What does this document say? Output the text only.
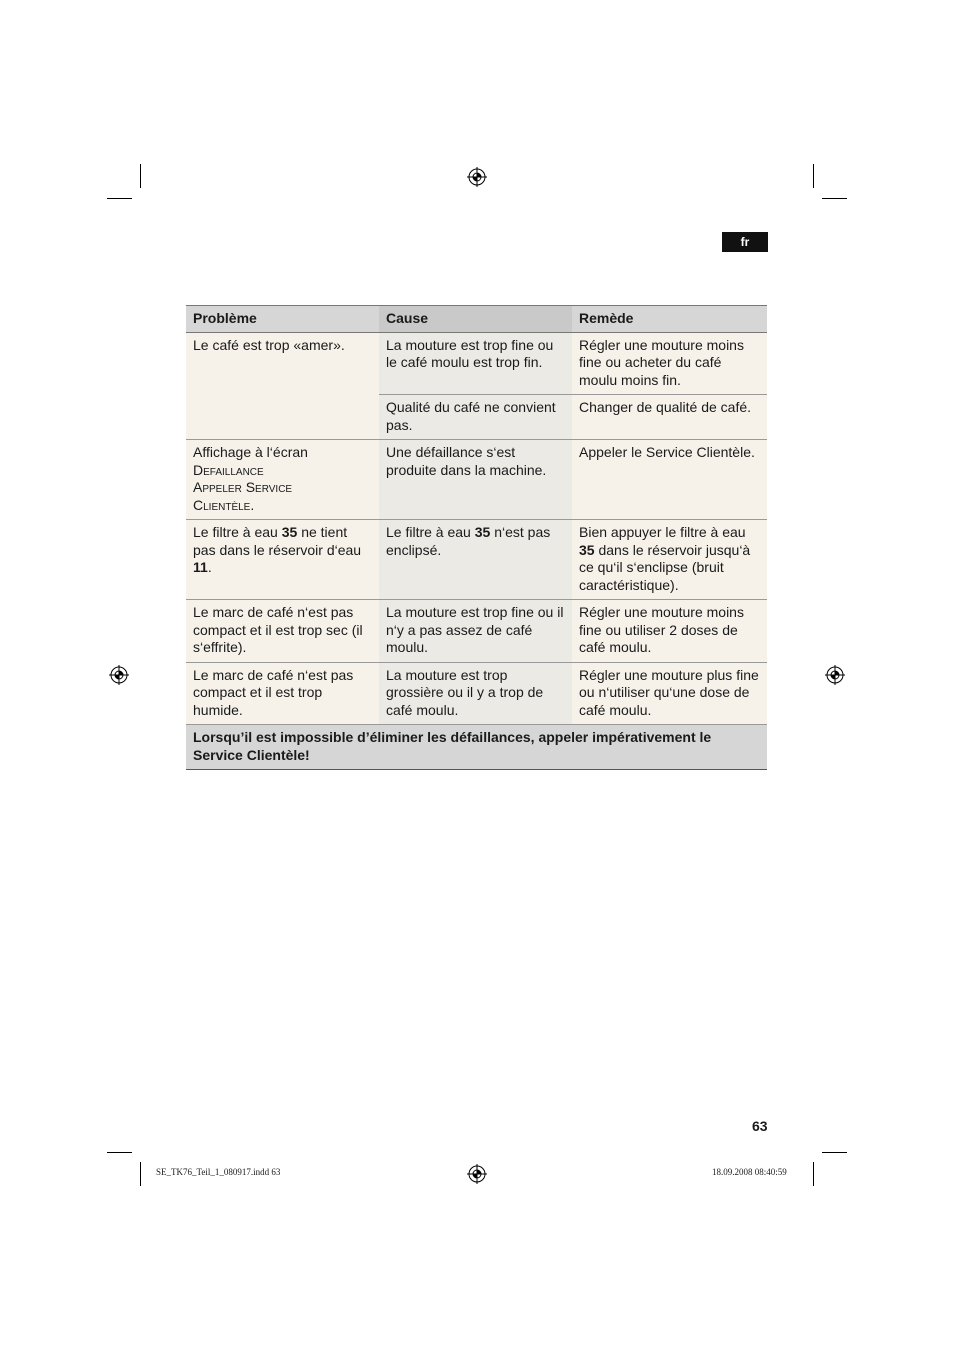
fr
Problème	Cause	Remède
Le café est trop «amer».	La mouture est trop fine ou le café moulu est trop fin.	Régler une mouture moins fine ou acheter du café moulu moins fin.
	Qualité du café ne convient pas.	Changer de qualité de café.
Affichage à l‘écran
Defaillance
Appeler Service
Clientèle.	Une défaillance s‘est produite dans la machine.	Appeler le Service Clientèle.
Le filtre à eau 35 ne tient pas dans le réservoir d‘eau 11.	Le filtre à eau 35 n‘est pas enclipsé.	Bien appuyer le filtre à eau 35 dans le réservoir jusqu‘à ce qu‘il s‘enclipse (bruit caractéristique).
Le marc de café n‘est pas compact et il est trop sec (il s‘effrite).	La mouture est trop fine ou il n‘y a pas assez de café moulu.	Régler une mouture moins fine ou utiliser 2 doses de café moulu.
Le marc de café n‘est pas compact et il est trop humide.	La mouture est trop grossière ou il y a trop de café moulu.	Régler une mouture plus fine ou n‘utiliser qu‘une dose de café moulu.
Lorsqu’il est impossible d’éliminer les défaillances, appeler impérativement le Service Clientèle!		
63
SE_TK76_Teil_1_080917.indd 63	18.09.2008 08:40:59
